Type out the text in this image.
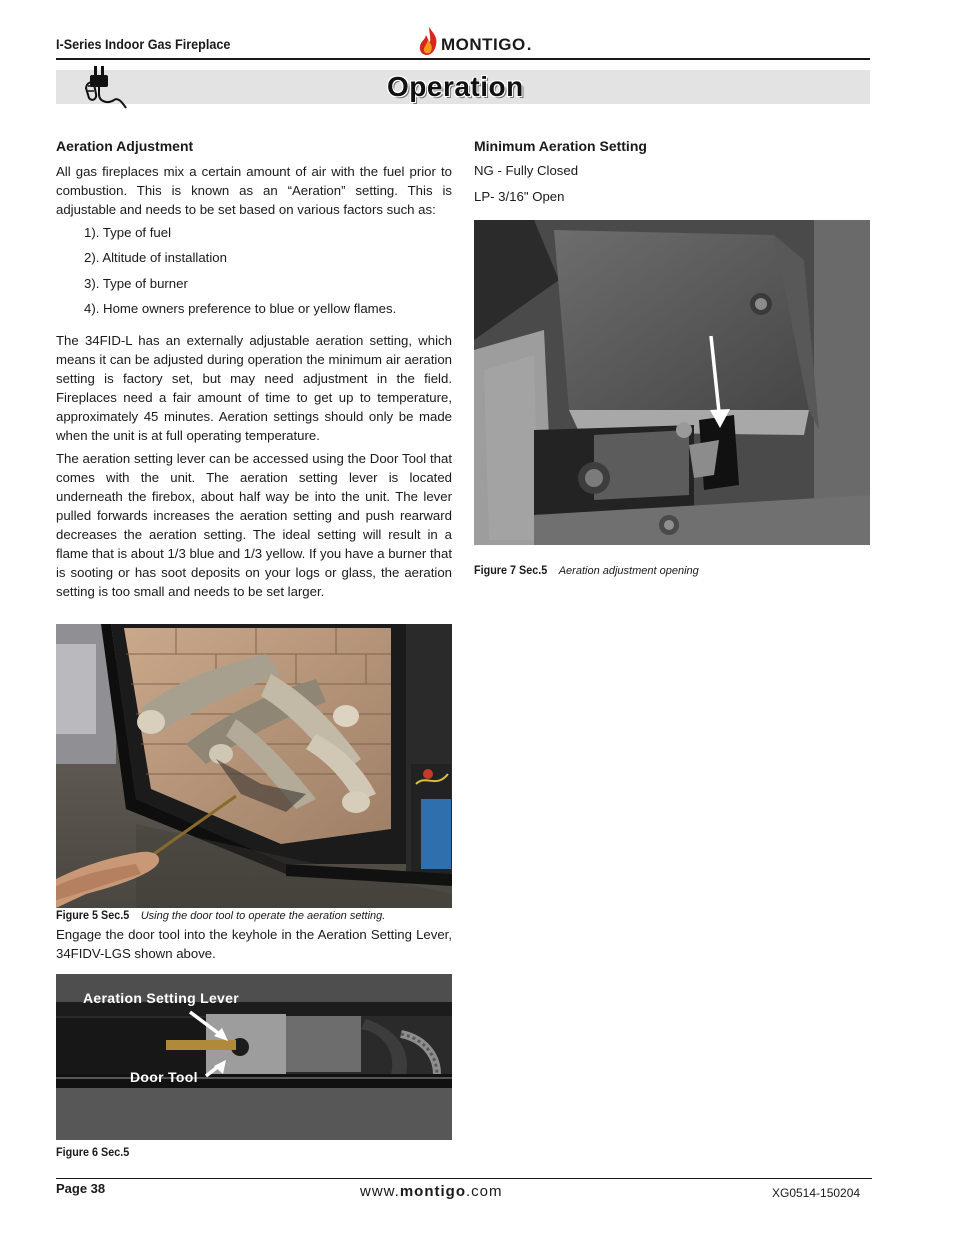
I-Series Indoor Gas Fireplace	MONTIGO .
Operation
Aeration Adjustment

All gas fireplaces mix a certain amount of air with the fuel prior to combustion. This is known as an “Aeration” setting. This is adjustable and needs to be set based on various factors such as:

1). Type of fuel
2). Altitude of installation
3). Type of burner
4). Home owners preference to blue or yellow flames.

The 34FID-L has an externally adjustable aeration setting, which means it can be adjusted during operation the minimum air aeration setting is factory set, but may need adjustment in the field. Fireplaces need a fair amount of time to get up to temperature, approximately 45 minutes. Aeration settings should only be made when the unit is at full operating temperature.

The aeration setting lever can be accessed using the Door Tool that comes with the unit. The aeration setting lever is located underneath the firebox, about half way be into the unit. The lever pulled forwards increases the aeration setting and push rearward decreases the aeration setting. The ideal setting will result in a flame that is about 1/3 blue and 1/3 yellow. If you have a burner that is sooting or has soot deposits on your logs or glass, the aeration setting is too small and needs to be set larger.

Figure 5 Sec.5 Using the door tool to operate the aeration setting.

Engage the door tool into the keyhole in the Aeration Setting Lever, 34FIDV-LGS shown above.

Aeration Setting Lever
Door Tool
Figure 6 Sec.5
Minimum Aeration Setting
NG - Fully Closed
LP- 3/16" Open
Figure 7 Sec.5 Aeration adjustment opening
Page 38	www.montigo.com	XG0514-150204
